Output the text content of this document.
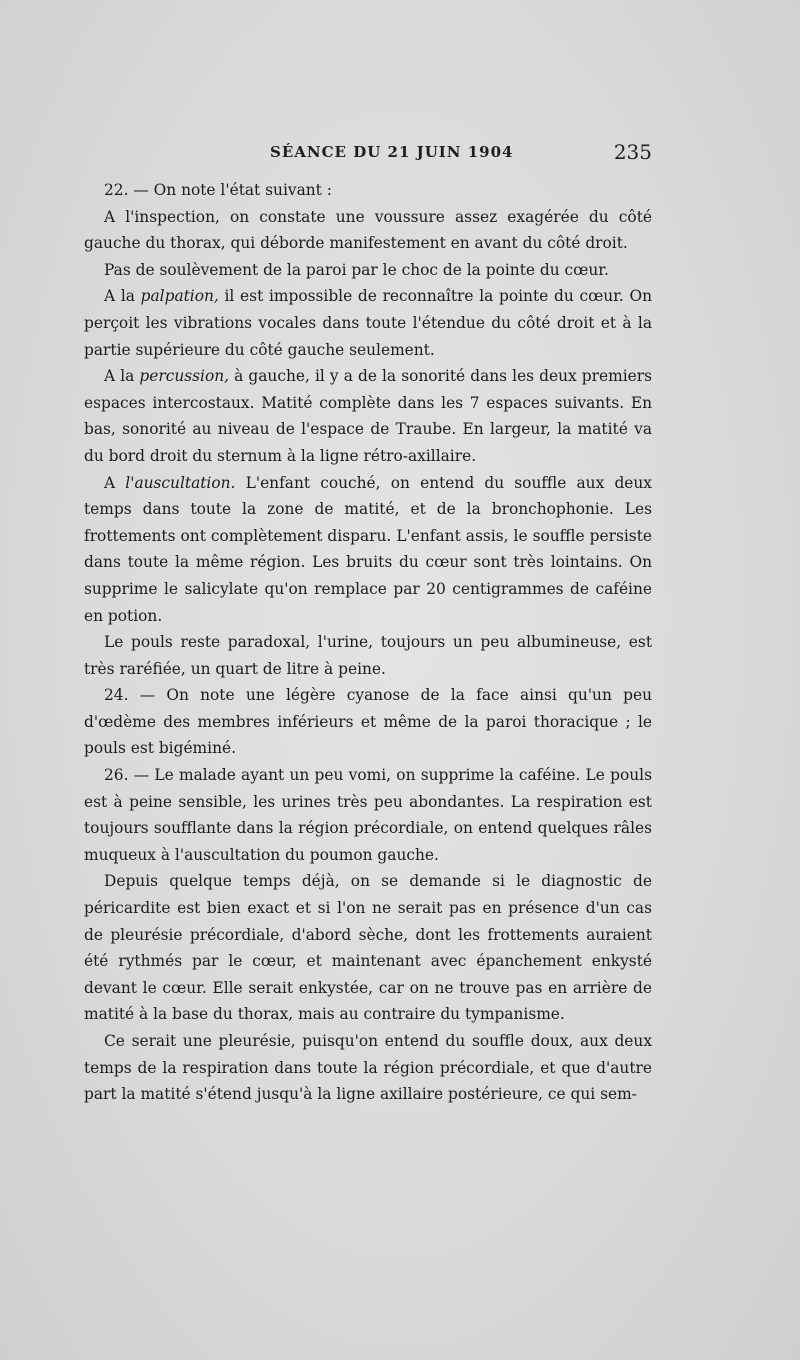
SÉANCE DU 21 JUIN 1904	235

22. — On note l'état suivant :

A l'inspection, on constate une voussure assez exagérée du côté gauche du thorax, qui déborde manifestement en avant du côté droit.

Pas de soulèvement de la paroi par le choc de la pointe du cœur.

A la palpation, il est impossible de reconnaître la pointe du cœur. On perçoit les vibrations vocales dans toute l'étendue du côté droit et à la partie supérieure du côté gauche seulement.

A la percussion, à gauche, il y a de la sonorité dans les deux premiers espaces intercostaux. Matité complète dans les 7 espaces suivants. En bas, sonorité au niveau de l'espace de Traube. En largeur, la matité va du bord droit du sternum à la ligne rétro-axillaire.

A l'auscultation. L'enfant couché, on entend du souffle aux deux temps dans toute la zone de matité, et de la bronchophonie. Les frottements ont complètement disparu. L'enfant assis, le souffle persiste dans toute la même région. Les bruits du cœur sont très lointains. On supprime le salicylate qu'on remplace par 20 centigrammes de caféine en potion.

Le pouls reste paradoxal, l'urine, toujours un peu albumineuse, est très raréfiée, un quart de litre à peine.

24. — On note une légère cyanose de la face ainsi qu'un peu d'œdème des membres inférieurs et même de la paroi thoracique ; le pouls est bigéminé.

26. — Le malade ayant un peu vomi, on supprime la caféine. Le pouls est à peine sensible, les urines très peu abondantes. La respiration est toujours soufflante dans la région précordiale, on entend quelques râles muqueux à l'auscultation du poumon gauche.

Depuis quelque temps déjà, on se demande si le diagnostic de péricardite est bien exact et si l'on ne serait pas en présence d'un cas de pleurésie précordiale, d'abord sèche, dont les frottements auraient été rythmés par le cœur, et maintenant avec épanchement enkysté devant le cœur. Elle serait enkystée, car on ne trouve pas en arrière de matité à la base du thorax, mais au contraire du tympanisme.

Ce serait une pleurésie, puisqu'on entend du souffle doux, aux deux temps de la respiration dans toute la région précordiale, et que d'autre part la matité s'étend jusqu'à la ligne axillaire postérieure, ce qui sem-
